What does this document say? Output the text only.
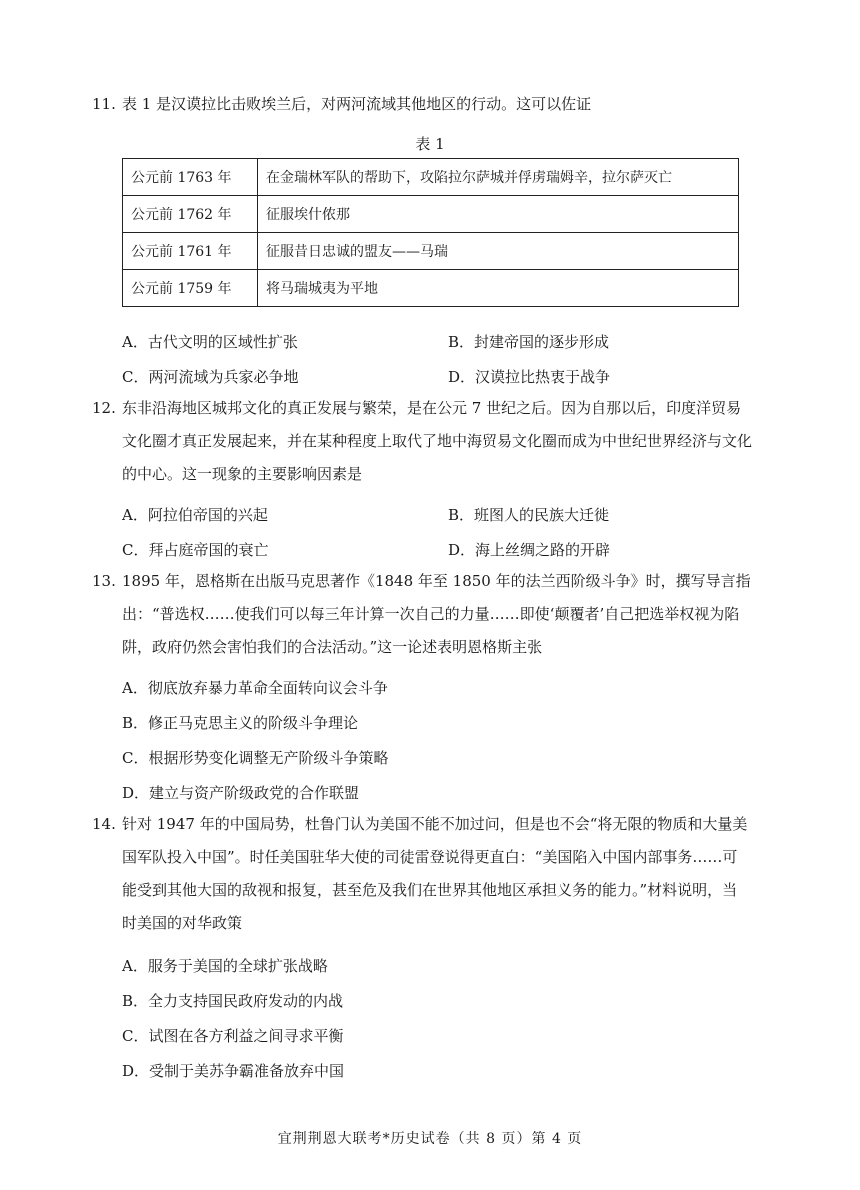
11. 表 1 是汉谟拉比击败埃兰后，对两河流域其他地区的行动。这可以佐证
表 1
公元前 1763 年	在金瑞林军队的帮助下，攻陷拉尔萨城并俘虏瑞姆辛，拉尔萨灭亡
公元前 1762 年	征服埃什侬那
公元前 1761 年	征服昔日忠诚的盟友——马瑞
公元前 1759 年	将马瑞城夷为平地
A．古代文明的区域性扩张	B．封建帝国的逐步形成
C．两河流域为兵家必争地	D．汉谟拉比热衷于战争
12. 东非沿海地区城邦文化的真正发展与繁荣，是在公元 7 世纪之后。因为自那以后，印度洋贸易文化圈才真正发展起来，并在某种程度上取代了地中海贸易文化圈而成为中世纪世界经济与文化的中心。这一现象的主要影响因素是
A．阿拉伯帝国的兴起	B．班图人的民族大迁徙
C．拜占庭帝国的衰亡	D．海上丝绸之路的开辟
13. 1895 年，恩格斯在出版马克思著作《1848 年至 1850 年的法兰西阶级斗争》时，撰写导言指出：“普选权……使我们可以每三年计算一次自己的力量……即使‘颠覆者’自己把选举权视为陷阱，政府仍然会害怕我们的合法活动。”这一论述表明恩格斯主张
A．彻底放弃暴力革命全面转向议会斗争
B．修正马克思主义的阶级斗争理论
C．根据形势变化调整无产阶级斗争策略
D．建立与资产阶级政党的合作联盟
14. 针对 1947 年的中国局势，杜鲁门认为美国不能不加过问，但是也不会“将无限的物质和大量美国军队投入中国”。时任美国驻华大使的司徒雷登说得更直白：“美国陷入中国内部事务……可能受到其他大国的敌视和报复，甚至危及我们在世界其他地区承担义务的能力。”材料说明，当时美国的对华政策
A．服务于美国的全球扩张战略
B．全力支持国民政府发动的内战
C．试图在各方利益之间寻求平衡
D．受制于美苏争霸准备放弃中国
宜荆荆恩大联考*历史试卷（共 8 页）第 4 页
